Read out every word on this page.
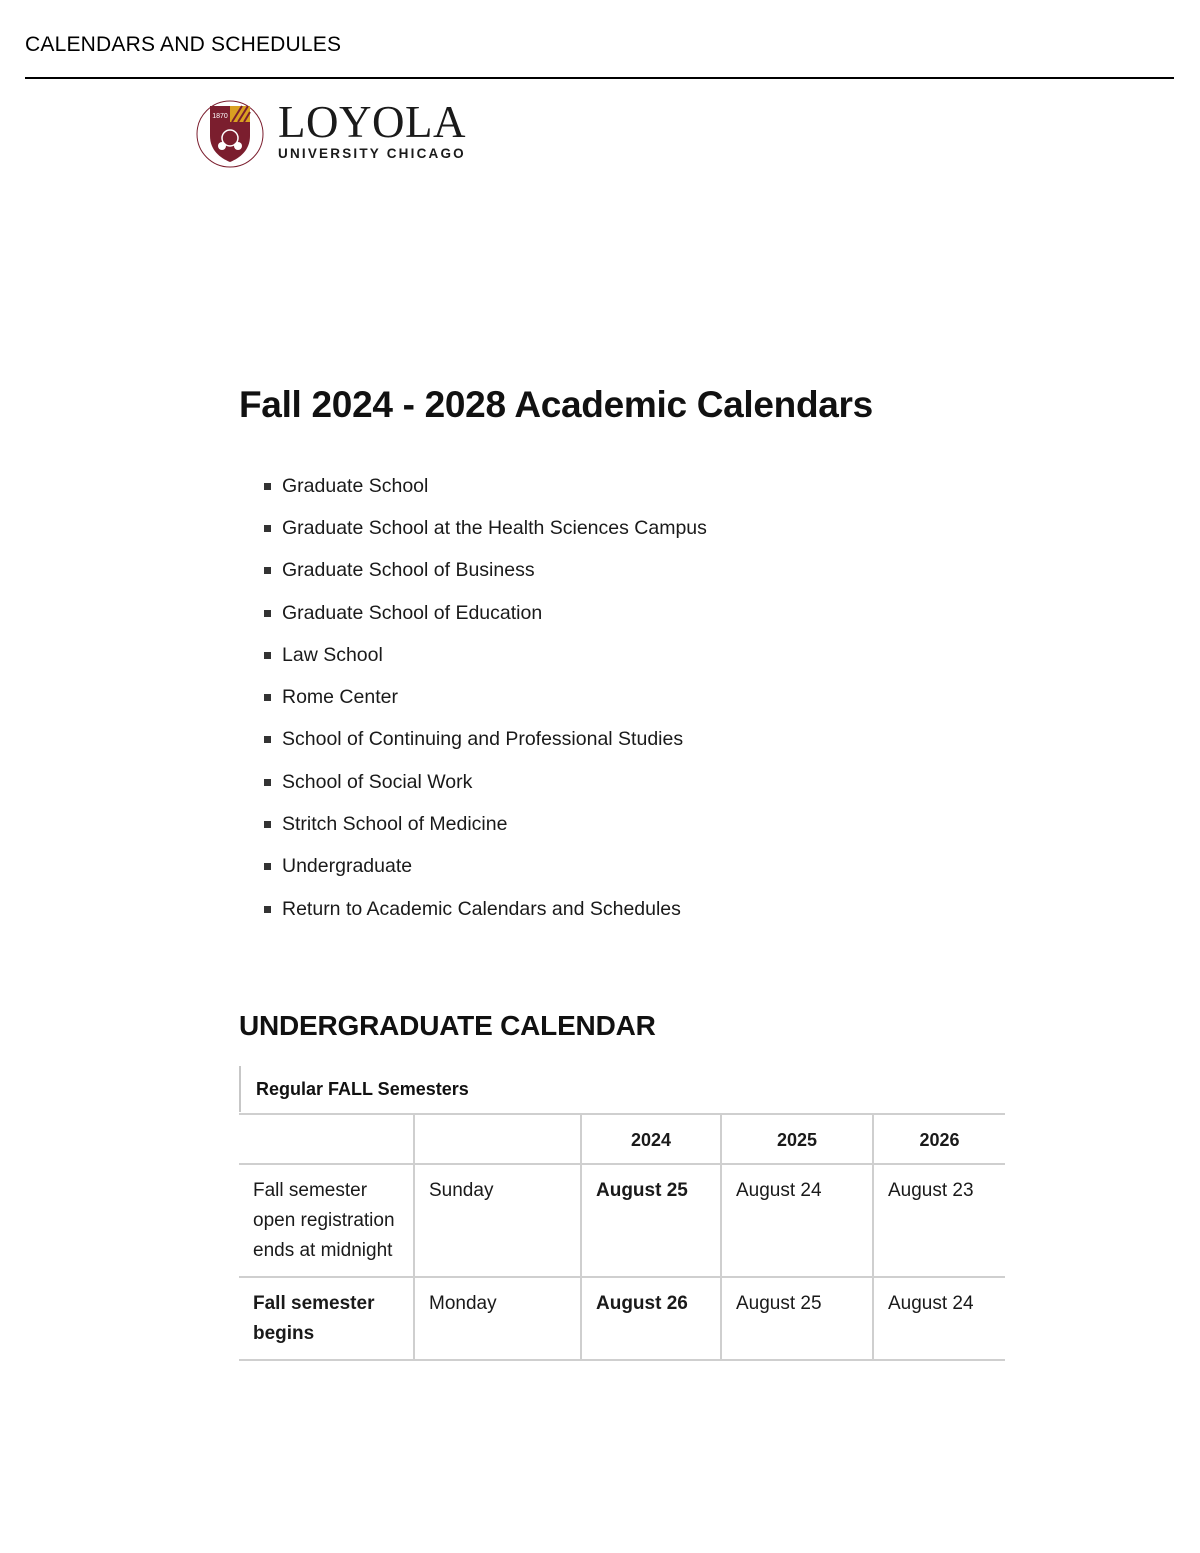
CALENDARS AND SCHEDULES
1870 LOYOLA
UNIVERSITY CHICAGO
Fall 2024 - 2028 Academic Calendars
Graduate School
Graduate School at the Health Sciences Campus
Graduate School of Business
Graduate School of Education
Law School
Rome Center
School of Continuing and Professional Studies
School of Social Work
Stritch School of Medicine
Undergraduate
Return to Academic Calendars and Schedules
UNDERGRADUATE CALENDAR
Regular FALL Semesters
		2024	2025	2026
Fall semester open registration ends at midnight	Sunday	August 25	August 24	August 23
Fall semester begins	Monday	August 26	August 25	August 24
